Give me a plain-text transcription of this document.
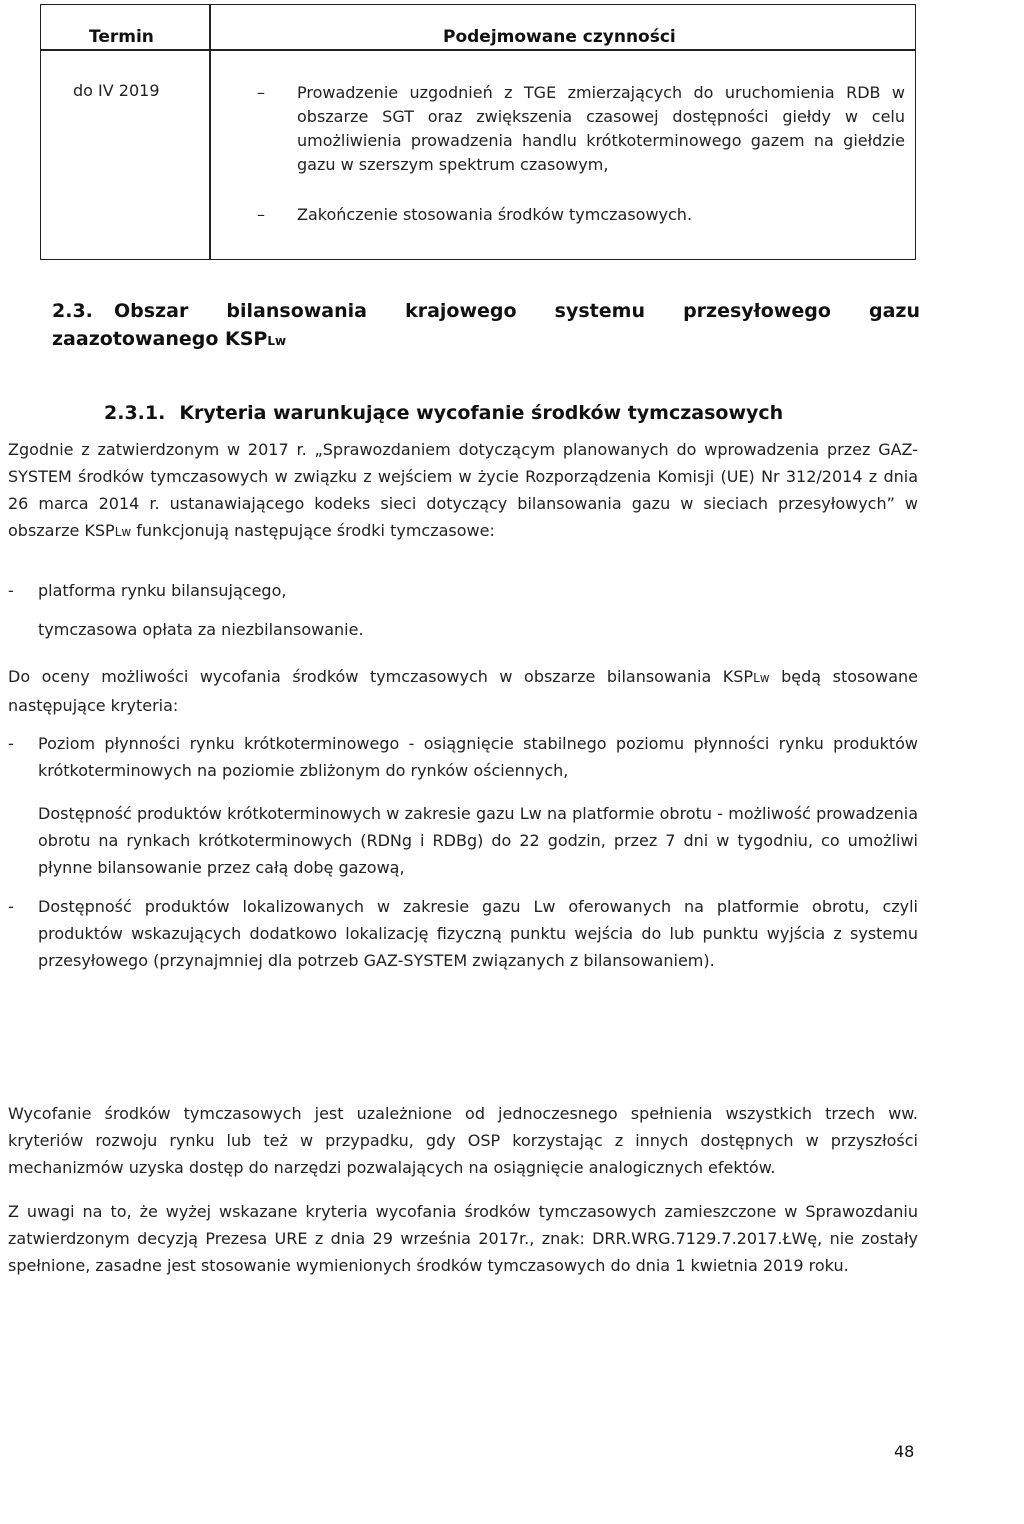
Termin	Podejmowane czynności
do IV 2019	– Prowadzenie uzgodnień z TGE zmierzających do uruchomienia RDB w obszarze SGT oraz zwiększenia czasowej dostępności giełdy w celu umożliwienia prowadzenia handlu krótkoterminowego gazem na giełdzie gazu w szerszym spektrum czasowym,
– Zakończenie stosowania środków tymczasowych.
2.3. Obszar bilansowania krajowego systemu przesyłowego gazu
zaazotowanego KSPLw
2.3.1. Kryteria warunkujące wycofanie środków tymczasowych
Zgodnie z zatwierdzonym w 2017 r. „Sprawozdaniem dotyczącym planowanych do wprowadzenia przez GAZ-SYSTEM środków tymczasowych w związku z wejściem w życie Rozporządzenia Komisji (UE) Nr 312/2014 z dnia 26 marca 2014 r. ustanawiającego kodeks sieci dotyczący bilansowania gazu w sieciach przesyłowych” w obszarze KSPLw funkcjonują następujące środki tymczasowe:
- platforma rynku bilansującego,
tymczasowa opłata za niezbilansowanie.
Do oceny możliwości wycofania środków tymczasowych w obszarze bilansowania KSPLw będą stosowane następujące kryteria:
- Poziom płynności rynku krótkoterminowego - osiągnięcie stabilnego poziomu płynności rynku produktów krótkoterminowych na poziomie zbliżonym do rynków ościennych,
Dostępność produktów krótkoterminowych w zakresie gazu Lw na platformie obrotu - możliwość prowadzenia obrotu na rynkach krótkoterminowych (RDNg i RDBg) do 22 godzin, przez 7 dni w tygodniu, co umożliwi płynne bilansowanie przez całą dobę gazową,
- Dostępność produktów lokalizowanych w zakresie gazu Lw oferowanych na platformie obrotu, czyli produktów wskazujących dodatkowo lokalizację fizyczną punktu wejścia do lub punktu wyjścia z systemu przesyłowego (przynajmniej dla potrzeb GAZ-SYSTEM związanych z bilansowaniem).
Wycofanie środków tymczasowych jest uzależnione od jednoczesnego spełnienia wszystkich trzech ww. kryteriów rozwoju rynku lub też w przypadku, gdy OSP korzystając z innych dostępnych w przyszłości mechanizmów uzyska dostęp do narzędzi pozwalających na osiągnięcie analogicznych efektów.
Z uwagi na to, że wyżej wskazane kryteria wycofania środków tymczasowych zamieszczone w Sprawozdaniu zatwierdzonym decyzją Prezesa URE z dnia 29 września 2017r., znak: DRR.WRG.7129.7.2017.ŁWę, nie zostały spełnione, zasadne jest stosowanie wymienionych środków tymczasowych do dnia 1 kwietnia 2019 roku.
48
